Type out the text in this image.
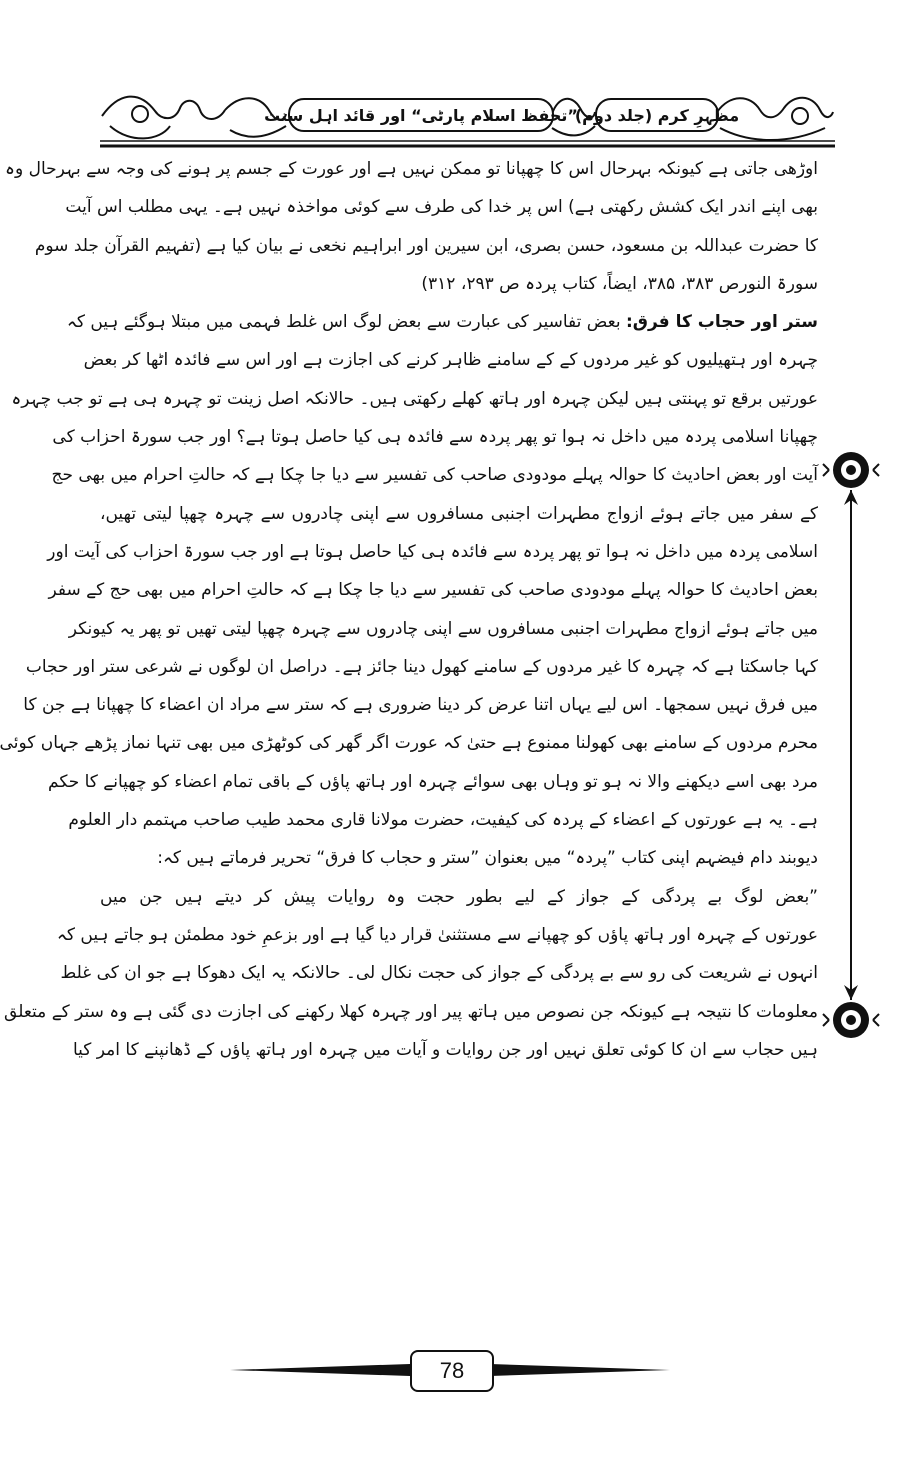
”تحفظ اسلام پارٹی“ اور قائد اہل سنت
مظہرِ کرم (جلد دوم)
اوڑھی جاتی ہے کیونکہ بہرحال اس کا چھپانا تو ممکن نہیں ہے اور عورت کے جسم پر ہونے کی وجہ سے بہرحال وہ
بھی اپنے اندر ایک کشش رکھتی ہے) اس پر خدا کی طرف سے کوئی مواخذہ نہیں ہے۔ یہی مطلب اس آیت
کا حضرت عبداللہ بن مسعود، حسن بصری، ابن سیرین اور ابراہیم نخعی نے بیان کیا ہے (تفہیم القرآن جلد سوم
سورۃ النورص ۳۸۳، ۳۸۵، ایضاً، کتاب پردہ ص ۲۹۳، ۳۱۲)
ستر اور حجاب کا فرق: بعض تفاسیر کی عبارت سے بعض لوگ اس غلط فہمی میں مبتلا ہوگئے ہیں کہ
چہرہ اور ہتھیلیوں کو غیر مردوں کے کے سامنے ظاہر کرنے کی اجازت ہے اور اس سے فائدہ اٹھا کر بعض
عورتیں برقع تو پہنتی ہیں لیکن چہرہ اور ہاتھ کھلے رکھتی ہیں۔ حالانکہ اصل زینت تو چہرہ ہی ہے تو جب چہرہ
چھپانا اسلامی پردہ میں داخل نہ ہوا تو پھر پردہ سے فائدہ ہی کیا حاصل ہوتا ہے؟ اور جب سورۃ احزاب کی
آیت اور بعض احادیث کا حوالہ پہلے مودودی صاحب کی تفسیر سے دیا جا چکا ہے کہ حالتِ احرام میں بھی حج
کے سفر میں جاتے ہوئے ازواج مطہرات اجنبی مسافروں سے اپنی چادروں سے چہرہ چھپا لیتی تھیں،
اسلامی پردہ میں داخل نہ ہوا تو پھر پردہ سے فائدہ ہی کیا حاصل ہوتا ہے اور جب سورۃ احزاب کی آیت اور
بعض احادیث کا حوالہ پہلے مودودی صاحب کی تفسیر سے دیا جا چکا ہے کہ حالتِ احرام میں بھی حج کے سفر
میں جاتے ہوئے ازواج مطہرات اجنبی مسافروں سے اپنی چادروں سے چہرہ چھپا لیتی تھیں تو پھر یہ کیونکر
کہا جاسکتا ہے کہ چہرہ کا غیر مردوں کے سامنے کھول دینا جائز ہے۔ دراصل ان لوگوں نے شرعی ستر اور حجاب
میں فرق نہیں سمجھا۔ اس لیے یہاں اتنا عرض کر دینا ضروری ہے کہ ستر سے مراد ان اعضاء کا چھپانا ہے جن کا
محرم مردوں کے سامنے بھی کھولنا ممنوع ہے حتیٰ کہ عورت اگر گھر کی کوٹھڑی میں بھی تنہا نماز پڑھے جہاں کوئی
مرد بھی اسے دیکھنے والا نہ ہو تو وہاں بھی سوائے چہرہ اور ہاتھ پاؤں کے باقی تمام اعضاء کو چھپانے کا حکم
ہے۔ یہ ہے عورتوں کے اعضاء کے پردہ کی کیفیت، حضرت مولانا قاری محمد طیب صاحب مہتمم دار العلوم
دیوبند دام فیضہم اپنی کتاب ”پردہ“ میں بعنوان ”ستر و حجاب کا فرق“ تحریر فرماتے ہیں کہ:
”بعض لوگ بے پردگی کے جواز کے لیے بطور حجت وہ روایات پیش کر دیتے ہیں جن میں
عورتوں کے چہرہ اور ہاتھ پاؤں کو چھپانے سے مستثنیٰ قرار دیا گیا ہے اور بزعمِ خود مطمئن ہو جاتے ہیں کہ
انہوں نے شریعت کی رو سے بے پردگی کے جواز کی حجت نکال لی۔ حالانکہ یہ ایک دھوکا ہے جو ان کی غلط
معلومات کا نتیجہ ہے کیونکہ جن نصوص میں ہاتھ پیر اور چہرہ کھلا رکھنے کی اجازت دی گئی ہے وہ ستر کے متعلق
ہیں حجاب سے ان کا کوئی تعلق نہیں اور جن روایات و آیات میں چہرہ اور ہاتھ پاؤں کے ڈھانپنے کا امر کیا
78
